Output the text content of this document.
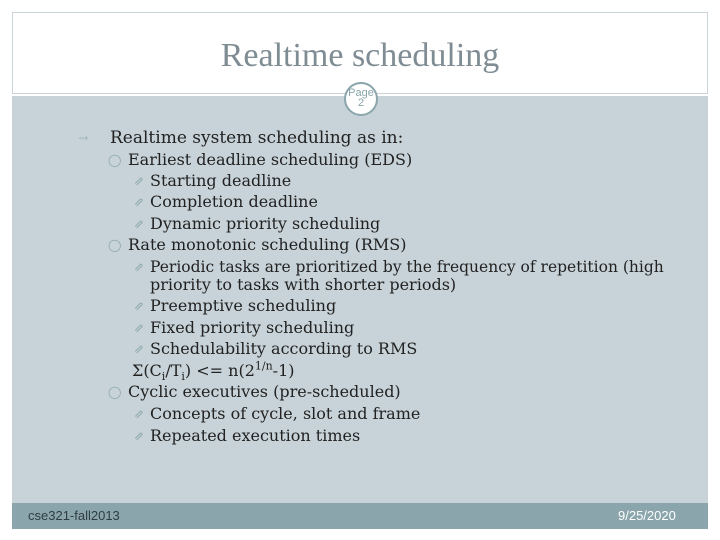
Realtime scheduling
Page
2
⤑ Realtime system scheduling as in:
◯ Earliest deadline scheduling (EDS)
⇗ Starting deadline
⇗ Completion deadline
⇗ Dynamic priority scheduling
◯ Rate monotonic scheduling (RMS)
⇗ Periodic tasks are prioritized by the frequency of repetition (high
priority to tasks with shorter periods)
⇗ Preemptive scheduling
⇗ Fixed priority scheduling
⇗ Schedulability according to RMS
$\Sigma(C_i/T_i) <= n(2^{1/n}-1)$
◯ Cyclic executives (pre-scheduled)
⇗ Concepts of cycle, slot and frame
⇗ Repeated execution times
cse321-fall2013	9/25/2020
